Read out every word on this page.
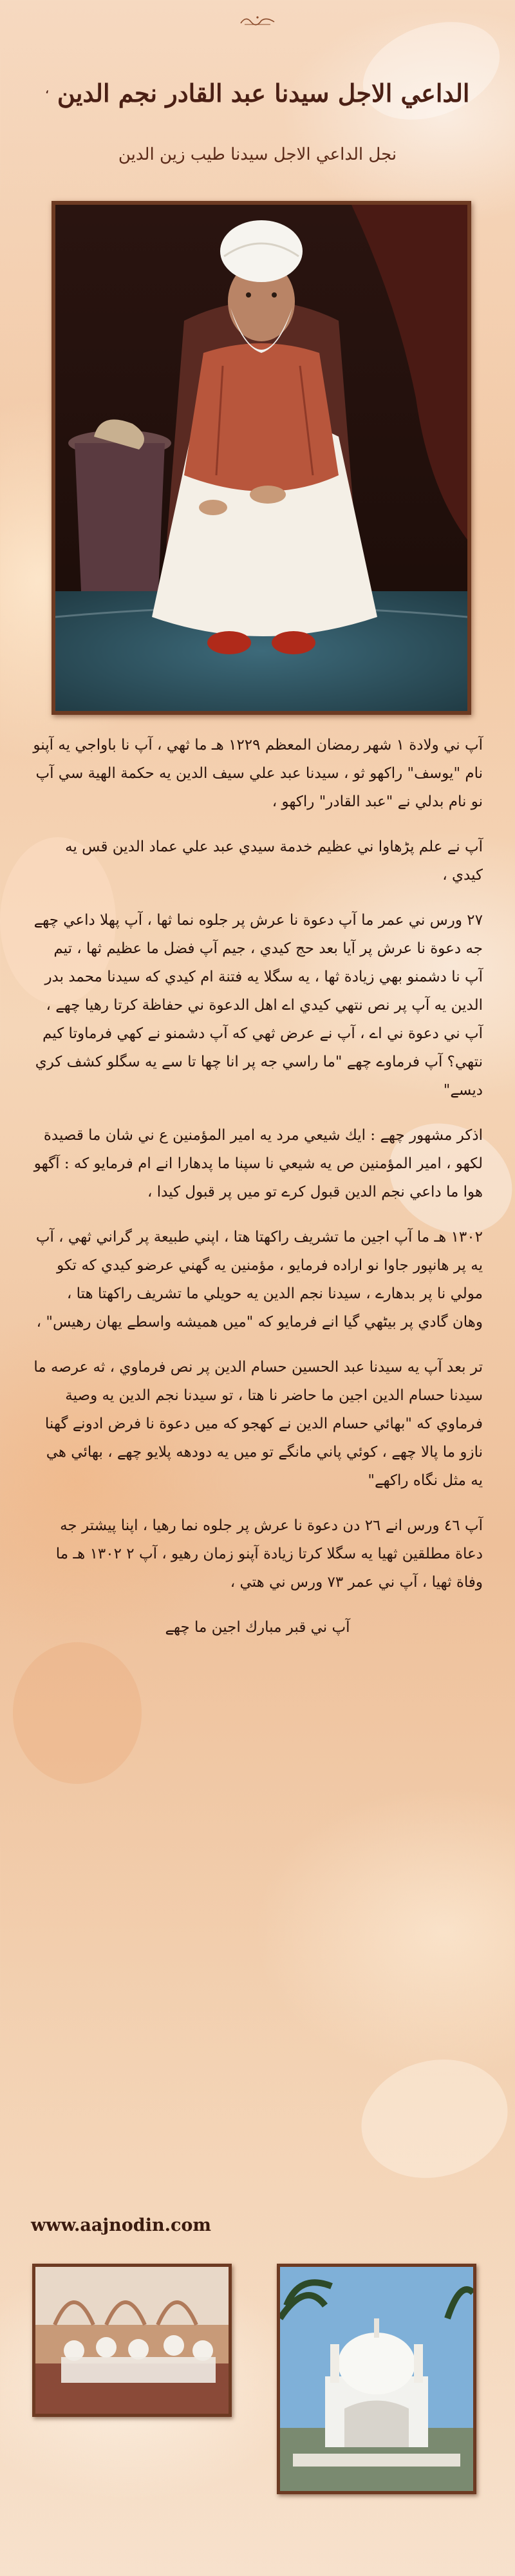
الداعي الاجل سيدنا عبد القادر نجم الدين ،
نجل الداعي الاجل سيدنا طيب زين الدين

آپ ني ولادة ١ شهر رمضان المعظم ١٢٢٩ هـ ما ثهي ، آپ نا باواجي يه آپنو نام "يوسف" راكهو ثو ، سيدنا عبد علي سيف الدين يه حكمة الهية سي آپ نو نام بدلي نے "عبد القادر" راكهو ،

آپ نے علم پڑهاوا ني عظيم خدمة سيدي عبد علي عماد الدين قس يه كيدي ،

٢٧ ورس ني عمر ما آپ دعوة نا عرش پر جلوه نما ثها ، آپ پهلا داعي چهے جه دعوة نا عرش پر آيا بعد حج كيدي ، جيم آپ فضل ما عظيم ثها ، تيم آپ نا دشمنو بهي زيادة ثها ، يه سگلا يه فتنة ام كيدي كه سيدنا محمد بدر الدين يه آپ پر نص نتهي كيدي اے اهل الدعوة ني حفاظة كرتا رهيا چهے ، آپ ني دعوة ني اے ، آپ نے عرض ثهي كه آپ دشمنو نے كهي فرماوتا كيم نتهي؟ آپ فرماوے چهے "ما راسي جه پر انا چها تا سے يه سگلو كشف كري ديسے"

اذكر مشهور چهے : ايك شيعي مرد يه امير المؤمنين ع ني شان ما قصيدة لكهو ، امير المؤمنين ص يه شيعي نا سپنا ما پدهارا انے ام فرمايو كه : آگهو هوا ما داعي نجم الدين قبول كرے تو ميں پر قبول كيدا ،

١٣٠٢ هـ ما آپ اجين ما تشريف راكهتا هتا ، اپني طبيعة پر گراني ثهي ، آپ يه پر هانپور جاوا نو اراده فرمايو ، مؤمنين يه گهني عرضو كيدي كه تكو مولي نا پر بدهارے ، سيدنا نجم الدين يه حويلي ما تشريف راكهتا هتا ، وهان گادي پر بيٹهي گيا انے فرمايو كه "ميں هميشه واسطے يهان رهيس" ،

تر بعد آپ يه سيدنا عبد الحسين حسام الدين پر نص فرماوي ، ثه عرصه ما سيدنا حسام الدين اجين ما حاضر نا هتا ، تو سيدنا نجم الدين يه وصية فرماوي كه "بهائي حسام الدين نے كهجو كه ميں دعوة نا فرض ادونے گهنا نازو ما پالا چهے ، كوئي پاني مانگے تو ميں يه دودهه پلايو چهے ، بهائي هي يه مثل نگاه راكهے"

آپ ٤٦ ورس انے ٢٦ دن دعوة نا عرش پر جلوه نما رهيا ، اپنا پيشتر جه دعاة مطلقين ثهيا يه سگلا كرتا زيادة آپنو زمان رهيو ، آپ ٢ ١٣٠٢ هـ ما وفاة ثهيا ، آپ ني عمر ٧٣ ورس ني هتي ،

آپ ني قبر مبارك اجين ما چهے

www.aajnodin.com
